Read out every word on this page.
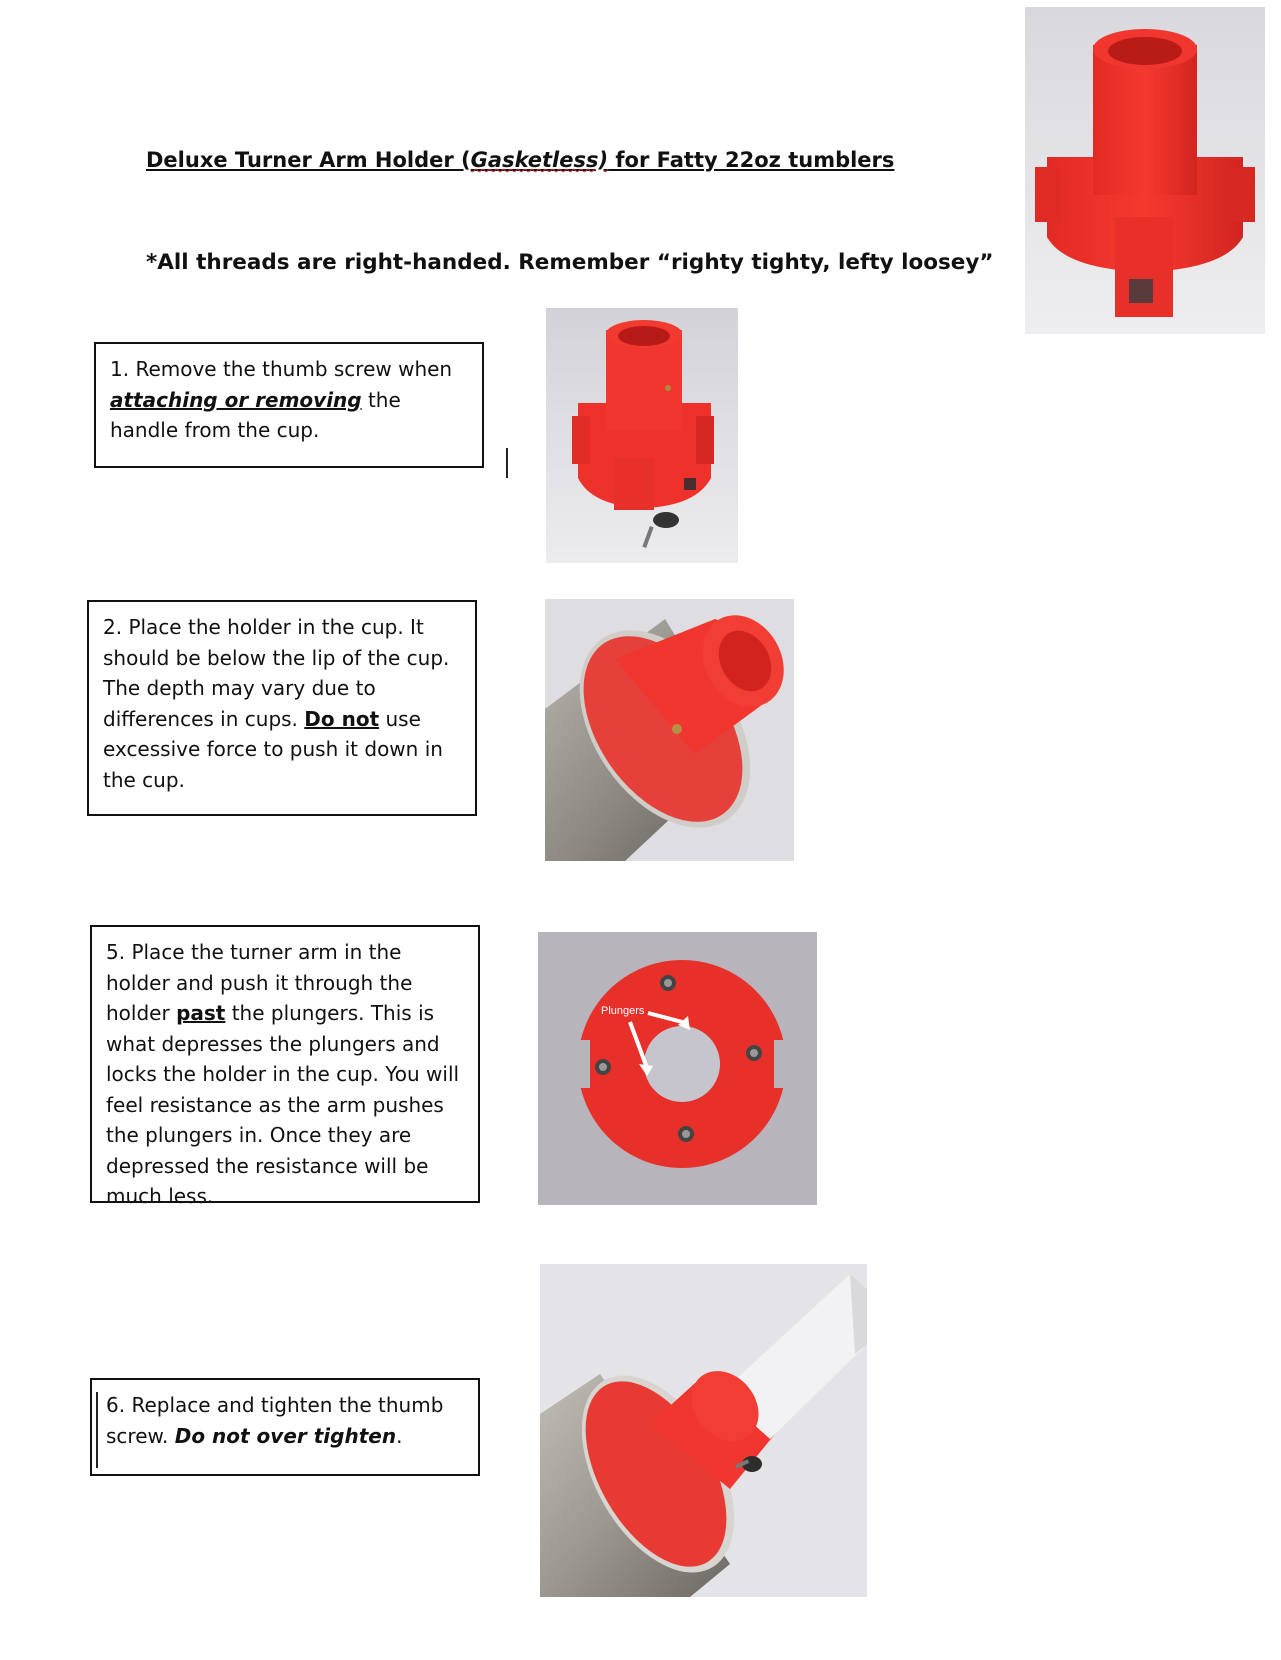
Deluxe Turner Arm Holder (Gasketless) for Fatty 22oz tumblers
*All threads are right-handed. Remember “righty tighty, lefty loosey”
1. Remove the thumb screw when attaching or removing the handle from the cup.
2. Place the holder in the cup. It should be below the lip of the cup. The depth may vary due to differences in cups. Do not use excessive force to push it down in the cup.
5. Place the turner arm in the holder and push it through the holder past the plungers. This is what depresses the plungers and locks the holder in the cup. You will feel resistance as the arm pushes the plungers in. Once they are depressed the resistance will be much less.
Plungers
6. Replace and tighten the thumb screw. Do not over tighten.
